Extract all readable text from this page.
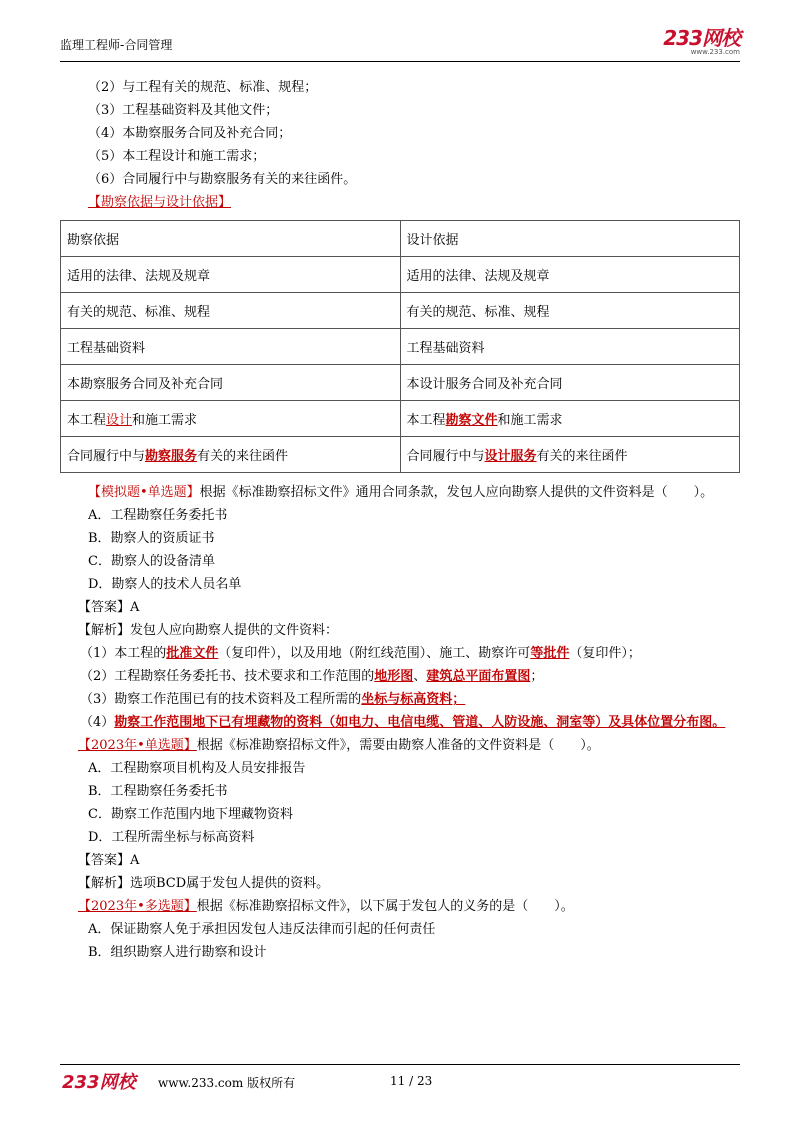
监理工程师-合同管理	233网校
www.233.com
（2）与工程有关的规范、标准、规程；
（3）工程基础资料及其他文件；
（4）本勘察服务合同及补充合同；
（5）本工程设计和施工需求；
（6）合同履行中与勘察服务有关的来往函件。
【勘察依据与设计依据】
勘察依据	设计依据
适用的法律、法规及规章	适用的法律、法规及规章
有关的规范、标准、规程	有关的规范、标准、规程
工程基础资料	工程基础资料
本勘察服务合同及补充合同	本设计服务合同及补充合同
本工程设计和施工需求	本工程勘察文件和施工需求
合同履行中与勘察服务有关的来往函件	合同履行中与设计服务有关的来往函件
【模拟题•单选题】根据《标准勘察招标文件》通用合同条款，发包人应向勘察人提供的文件资料是（　　）。
A．工程勘察任务委托书
B．勘察人的资质证书
C．勘察人的设备清单
D．勘察人的技术人员名单
【答案】A
【解析】发包人应向勘察人提供的文件资料：
（1）本工程的批准文件（复印件），以及用地（附红线范围）、施工、勘察许可等批件（复印件）；
（2）工程勘察任务委托书、技术要求和工作范围的地形图、建筑总平面布置图；
（3）勘察工作范围已有的技术资料及工程所需的坐标与标高资料；
（4）勘察工作范围地下已有埋藏物的资料（如电力、电信电缆、管道、人防设施、洞室等）及具体位置分布图。
【2023年•单选题】根据《标准勘察招标文件》，需要由勘察人准备的文件资料是（　　）。
A．工程勘察项目机构及人员安排报告
B．工程勘察任务委托书
C．勘察工作范围内地下埋藏物资料
D．工程所需坐标与标高资料
【答案】A
【解析】选项BCD属于发包人提供的资料。
【2023年•多选题】根据《标准勘察招标文件》，以下属于发包人的义务的是（　　）。
A．保证勘察人免于承担因发包人违反法律而引起的任何责任
B．组织勘察人进行勘察和设计
233网校 www.233.com 版权所有	11 / 23
